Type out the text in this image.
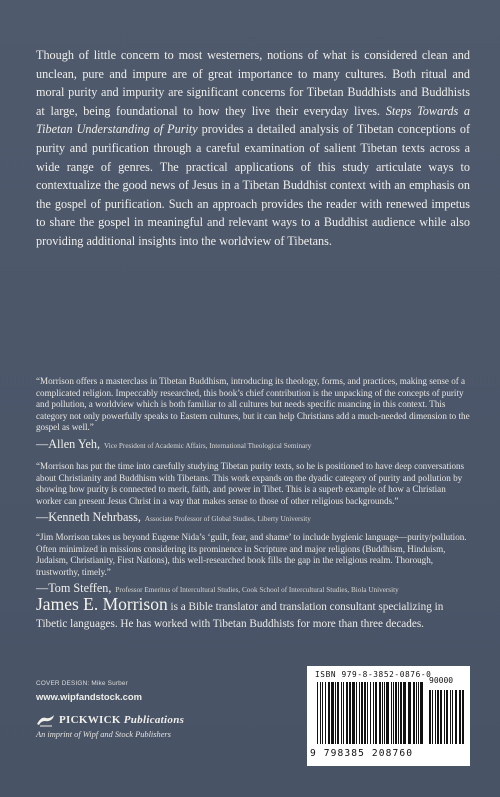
Though of little concern to most westerners, notions of what is considered clean and unclean, pure and impure are of great importance to many cultures. Both ritual and moral purity and impurity are significant concerns for Tibetan Buddhists and Buddhists at large, being foundational to how they live their everyday lives. Steps Towards a Tibetan Understanding of Purity provides a detailed analysis of Tibetan conceptions of purity and purification through a careful examination of salient Tibetan texts across a wide range of genres. The practical applications of this study articulate ways to contextualize the good news of Jesus in a Tibetan Buddhist context with an emphasis on the gospel of purification. Such an approach provides the reader with renewed impetus to share the gospel in meaningful and relevant ways to a Buddhist audience while also providing additional insights into the worldview of Tibetans.

“Morrison offers a masterclass in Tibetan Buddhism, introducing its theology, forms, and practices, making sense of a complicated religion. Impeccably researched, this book’s chief contribution is the unpacking of the concepts of purity and pollution, a worldview which is both familiar to all cultures but needs specific nuancing in this context. This category not only powerfully speaks to Eastern cultures, but it can help Christians add a much-needed dimension to the gospel as well.”
—Allen Yeh, Vice President of Academic Affairs, International Theological Seminary
“Morrison has put the time into carefully studying Tibetan purity texts, so he is positioned to have deep conversations about Christianity and Buddhism with Tibetans. This work expands on the dyadic category of purity and pollution by showing how purity is connected to merit, faith, and power in Tibet. This is a superb example of how a Christian worker can present Jesus Christ in a way that makes sense to those of other religious backgrounds.”
—Kenneth Nehrbass, Associate Professor of Global Studies, Liberty University
“Jim Morrison takes us beyond Eugene Nida’s ‘guilt, fear, and shame’ to include hygienic language—purity/pollution. Often minimized in missions considering its prominence in Scripture and major religions (Buddhism, Hinduism, Judaism, Christianity, First Nations), this well-researched book fills the gap in the religious realm. Thorough, trustworthy, timely.”
—Tom Steffen, Professor Emeritus of Intercultural Studies, Cook School of Intercultural Studies, Biola University
James E. Morrison is a Bible translator and translation consultant specializing in Tibetic languages. He has worked with Tibetan Buddhists for more than three decades.
COVER DESIGN: Mike Surber
www.wipfandstock.com
PICKWICK Publications
An imprint of Wipf and Stock Publishers
ISBN 979-8-3852-0876-0
9 798385 208760
90000
